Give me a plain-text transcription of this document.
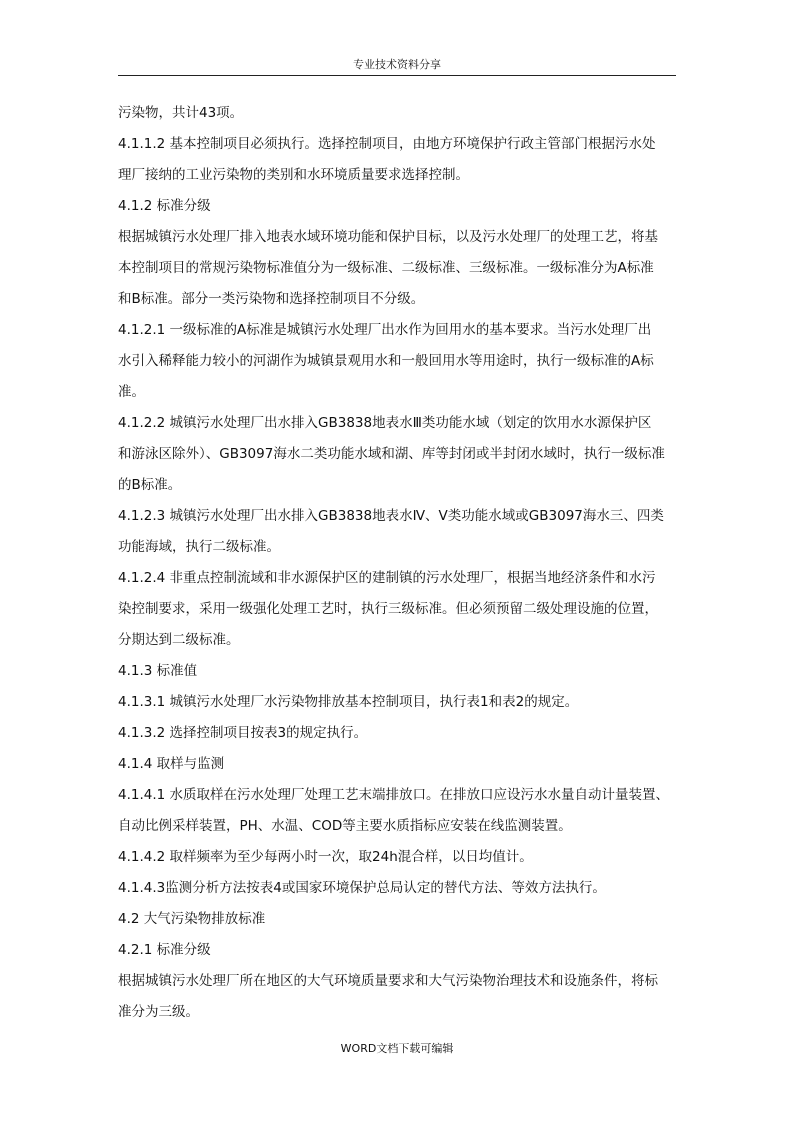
专业技术资料分享
污染物，共计43项。
4.1.1.2 基本控制项目必须执行。选择控制项目，由地方环境保护行政主管部门根据污水处
理厂接纳的工业污染物的类别和水环境质量要求选择控制。
4.1.2 标准分级
根据城镇污水处理厂排入地表水域环境功能和保护目标，以及污水处理厂的处理工艺，将基
本控制项目的常规污染物标准值分为一级标准、二级标准、三级标准。一级标准分为A标准
和B标准。部分一类污染物和选择控制项目不分级。
4.1.2.1 一级标准的A标准是城镇污水处理厂出水作为回用水的基本要求。当污水处理厂出
水引入稀释能力较小的河湖作为城镇景观用水和一般回用水等用途时，执行一级标准的A标
准。
4.1.2.2 城镇污水处理厂出水排入GB3838地表水Ⅲ类功能水域（划定的饮用水水源保护区
和游泳区除外）、GB3097海水二类功能水域和湖、库等封闭或半封闭水域时，执行一级标准
的B标准。
4.1.2.3 城镇污水处理厂出水排入GB3838地表水Ⅳ、Ⅴ类功能水域或GB3097海水三、四类
功能海域，执行二级标准。
4.1.2.4 非重点控制流域和非水源保护区的建制镇的污水处理厂，根据当地经济条件和水污
染控制要求，采用一级强化处理工艺时，执行三级标准。但必须预留二级处理设施的位置，
分期达到二级标准。
4.1.3 标准值
4.1.3.1 城镇污水处理厂水污染物排放基本控制项目，执行表1和表2的规定。
4.1.3.2 选择控制项目按表3的规定执行。
4.1.4 取样与监测
4.1.4.1 水质取样在污水处理厂处理工艺末端排放口。在排放口应设污水水量自动计量装置、
自动比例采样装置，PH、水温、COD等主要水质指标应安装在线监测装置。
4.1.4.2 取样频率为至少每两小时一次，取24h混合样，以日均值计。
4.1.4.3监测分析方法按表4或国家环境保护总局认定的替代方法、等效方法执行。
4.2 大气污染物排放标准
4.2.1 标准分级
根据城镇污水处理厂所在地区的大气环境质量要求和大气污染物治理技术和设施条件，将标
准分为三级。
WORD文档下载可编辑
